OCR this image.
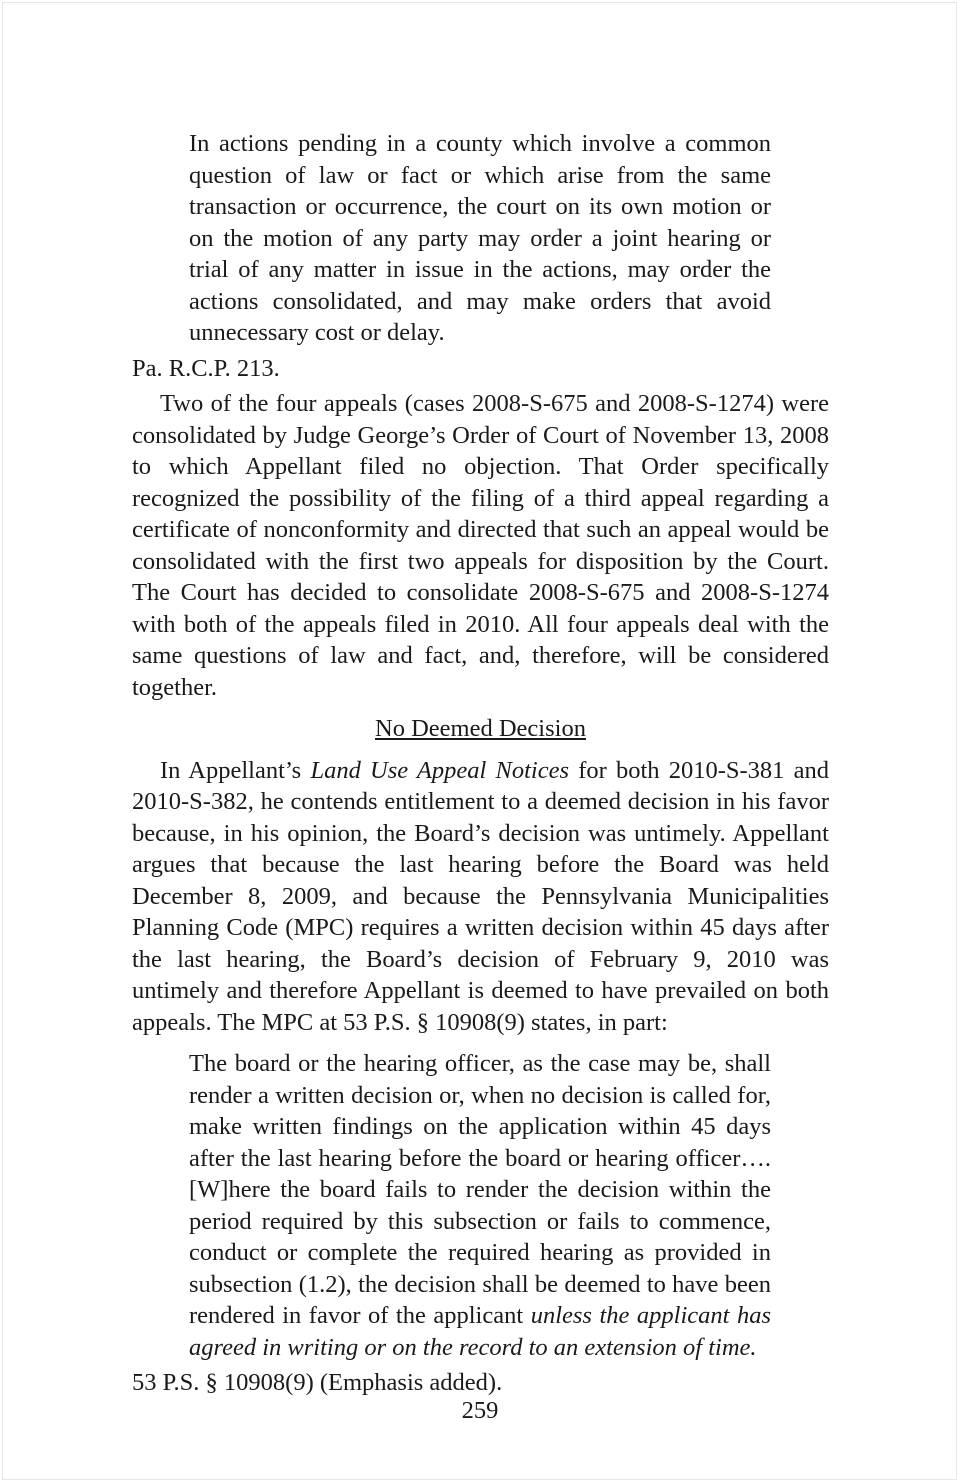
In actions pending in a county which involve a common question of law or fact or which arise from the same transaction or occurrence, the court on its own motion or on the motion of any party may order a joint hearing or trial of any matter in issue in the actions, may order the actions consolidated, and may make orders that avoid unnecessary cost or delay.

Pa. R.C.P. 213.

Two of the four appeals (cases 2008-S-675 and 2008-S-1274) were consolidated by Judge George’s Order of Court of November 13, 2008 to which Appellant filed no objection. That Order specifically recognized the possibility of the filing of a third appeal regarding a certificate of nonconformity and directed that such an appeal would be consolidated with the first two appeals for disposition by the Court. The Court has decided to consolidate 2008-S-675 and 2008-S-1274 with both of the appeals filed in 2010. All four appeals deal with the same questions of law and fact, and, therefore, will be considered together.

No Deemed Decision

In Appellant’s Land Use Appeal Notices for both 2010-S-381 and 2010-S-382, he contends entitlement to a deemed decision in his favor because, in his opinion, the Board’s decision was untimely. Appellant argues that because the last hearing before the Board was held December 8, 2009, and because the Pennsylvania Municipalities Planning Code (MPC) requires a written decision within 45 days after the last hearing, the Board’s decision of February 9, 2010 was untimely and therefore Appellant is deemed to have prevailed on both appeals. The MPC at 53 P.S. § 10908(9) states, in part:

The board or the hearing officer, as the case may be, shall render a written decision or, when no decision is called for, make written findings on the application within 45 days after the last hearing before the board or hearing officer…. [W]here the board fails to render the decision within the period required by this subsection or fails to commence, conduct or complete the required hearing as provided in subsection (1.2), the decision shall be deemed to have been rendered in favor of the applicant unless the applicant has agreed in writing or on the record to an extension of time.

53 P.S. § 10908(9) (Emphasis added).

259
